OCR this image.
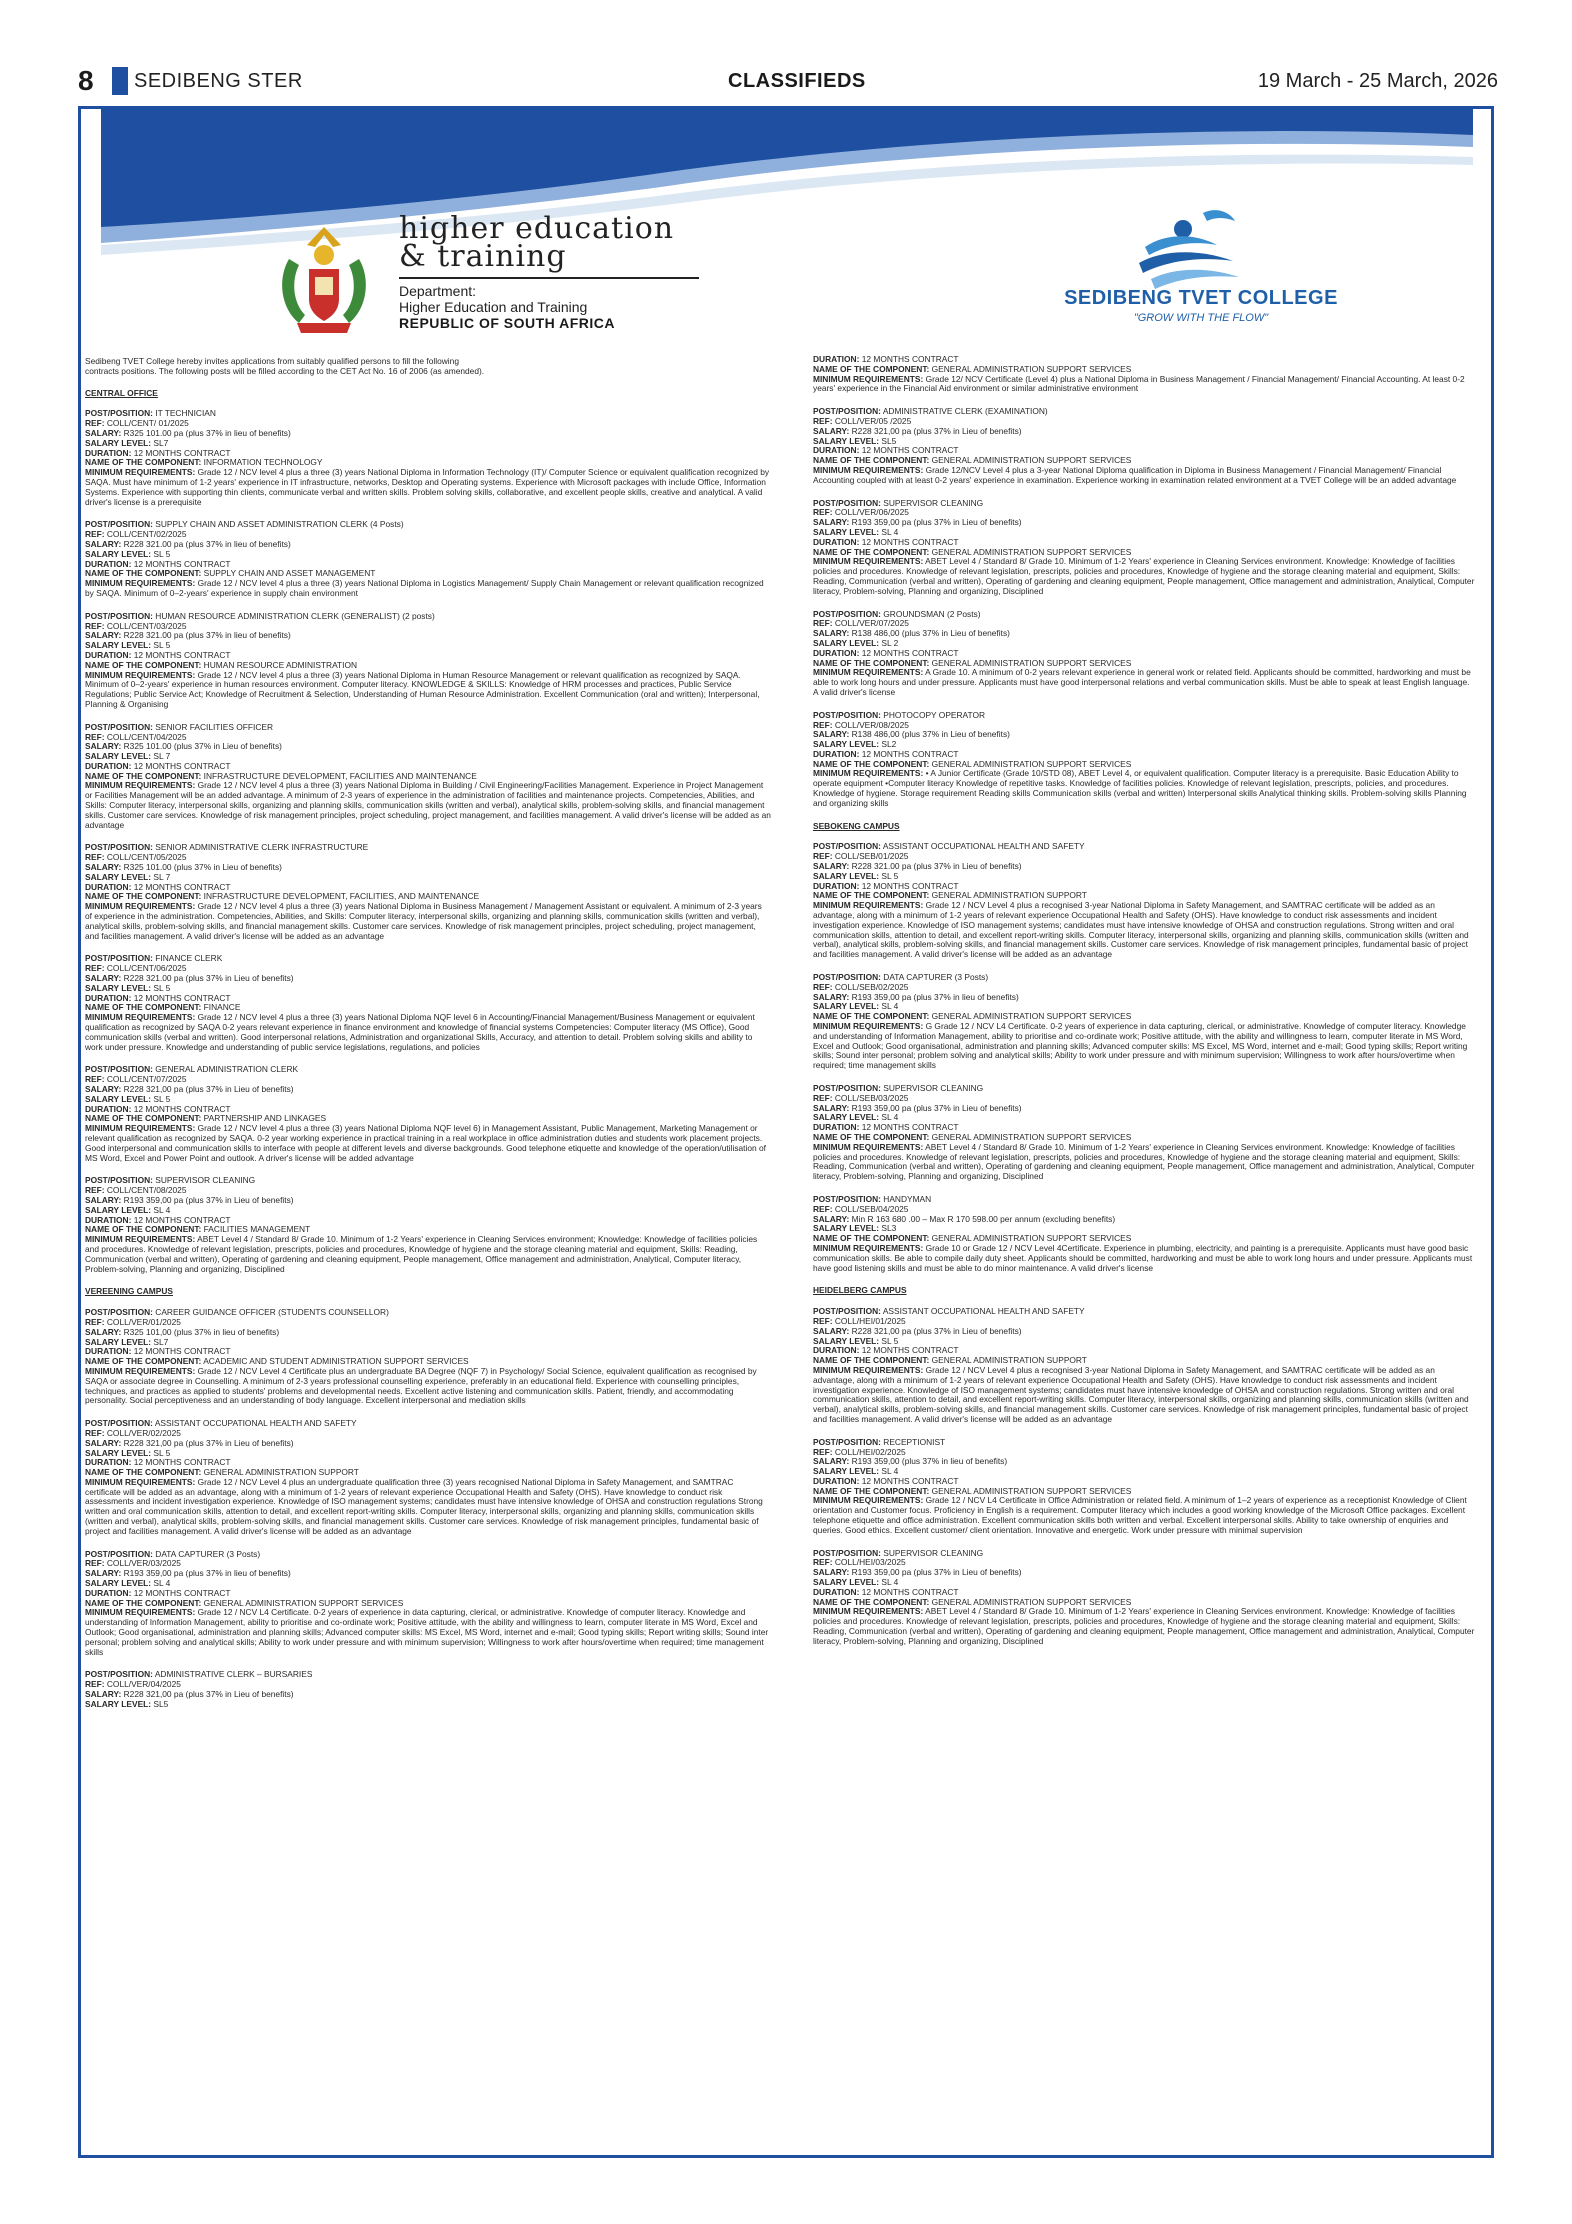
8	SEDIBENG STER	CLASSIFIEDS	19 March - 25 March, 2026
higher education
& training
Department:
Higher Education and Training
REPUBLIC OF SOUTH AFRICA
SEDIBENG TVET COLLEGE
"GROW WITH THE FLOW"

Sedibeng TVET College hereby invites applications from suitably qualified persons to fill the following

contracts positions. The following posts will be filled according to the CET Act No. 16 of 2006 (as amended).

CENTRAL OFFICE
POST/POSITION: IT TECHNICIAN
REF: COLL/CENT/ 01/2025
SALARY: R325 101.00 pa (plus 37% in lieu of benefits)
SALARY LEVEL: SL7
DURATION: 12 MONTHS CONTRACT
NAME OF THE COMPONENT: INFORMATION TECHNOLOGY
MINIMUM REQUIREMENTS: Grade 12 / NCV level 4 plus a three (3) years National Diploma in Information Technology (IT)/ Computer Science or equivalent qualification recognized by SAQA. Must have minimum of 1-2 years' experience in IT infrastructure, networks, Desktop and Operating systems. Experience with Microsoft packages with include Office, Information Systems. Experience with supporting thin clients, communicate verbal and written skills. Problem solving skills, collaborative, and excellent people skills, creative and analytical. A valid driver's license is a prerequisite
POST/POSITION: SUPPLY CHAIN AND ASSET ADMINISTRATION CLERK (4 Posts)
REF: COLL/CENT/02/2025
SALARY: R228 321.00 pa (plus 37% in lieu of benefits)
SALARY LEVEL: SL 5
DURATION: 12 MONTHS CONTRACT
NAME OF THE COMPONENT: SUPPLY CHAIN AND ASSET MANAGEMENT
MINIMUM REQUIREMENTS: Grade 12 / NCV level 4 plus a three (3) years National Diploma in Logistics Management/ Supply Chain Management or relevant qualification recognized by SAQA. Minimum of 0–2-years' experience in supply chain environment
POST/POSITION: HUMAN RESOURCE ADMINISTRATION CLERK (GENERALIST) (2 posts)
REF: COLL/CENT/03/2025
SALARY: R228 321.00 pa (plus 37% in lieu of benefits)
SALARY LEVEL: SL 5
DURATION: 12 MONTHS CONTRACT
NAME OF THE COMPONENT: HUMAN RESOURCE ADMINISTRATION
MINIMUM REQUIREMENTS: Grade 12 / NCV level 4 plus a three (3) years National Diploma in Human Resource Management or relevant qualification as recognized by SAQA. Minimum of 0–2-years' experience in human resources environment. Computer literacy. KNOWLEDGE & SKILLS: Knowledge of HRM processes and practices, Public Service Regulations; Public Service Act; Knowledge of Recruitment & Selection, Understanding of Human Resource Administration. Excellent Communication (oral and written); Interpersonal, Planning & Organising
POST/POSITION: SENIOR FACILITIES OFFICER
REF: COLL/CENT/04/2025
SALARY: R325 101.00 (plus 37% in Lieu of benefits)
SALARY LEVEL: SL 7
DURATION: 12 MONTHS CONTRACT
NAME OF THE COMPONENT: INFRASTRUCTURE DEVELOPMENT, FACILITIES AND MAINTENANCE
MINIMUM REQUIREMENTS: Grade 12 / NCV level 4 plus a three (3) years National Diploma in Building / Civil Engineering/Facilities Management. Experience in Project Management or Facilities Management will be an added advantage. A minimum of 2-3 years of experience in the administration of facilities and maintenance projects. Competencies, Abilities, and Skills: Computer literacy, interpersonal skills, organizing and planning skills, communication skills (written and verbal), analytical skills, problem-solving skills, and financial management skills. Customer care services. Knowledge of risk management principles, project scheduling, project management, and facilities management. A valid driver's license will be added as an advantage
POST/POSITION: SENIOR ADMINISTRATIVE CLERK INFRASTRUCTURE
REF: COLL/CENT/05/2025
SALARY: R325 101.00 (plus 37% in Lieu of benefits)
SALARY LEVEL: SL 7
DURATION: 12 MONTHS CONTRACT
NAME OF THE COMPONENT: INFRASTRUCTURE DEVELOPMENT, FACILITIES, AND MAINTENANCE
MINIMUM REQUIREMENTS: Grade 12 / NCV level 4 plus a three (3) years National Diploma in Business Management / Management Assistant or equivalent. A minimum of 2-3 years of experience in the administration. Competencies, Abilities, and Skills: Computer literacy, interpersonal skills, organizing and planning skills, communication skills (written and verbal), analytical skills, problem-solving skills, and financial management skills. Customer care services. Knowledge of risk management principles, project scheduling, project management, and facilities management. A valid driver's license will be added as an advantage
POST/POSITION: FINANCE CLERK
REF: COLL/CENT/06/2025
SALARY: R228 321.00 pa (plus 37% in Lieu of benefits)
SALARY LEVEL: SL 5
DURATION: 12 MONTHS CONTRACT
NAME OF THE COMPONENT: FINANCE
MINIMUM REQUIREMENTS: Grade 12 / NCV level 4 plus a three (3) years National Diploma NQF level 6 in Accounting/Financial Management/Business Management or equivalent qualification as recognized by SAQA 0-2 years relevant experience in finance environment and knowledge of financial systems Competencies: Computer literacy (MS Office), Good communication skills (verbal and written). Good interpersonal relations, Administration and organizational Skills, Accuracy, and attention to detail. Problem solving skills and ability to work under pressure. Knowledge and understanding of public service legislations, regulations, and policies
POST/POSITION: GENERAL ADMINISTRATION CLERK
REF: COLL/CENT/07/2025
SALARY: R228 321,00 pa (plus 37% in Lieu of benefits)
SALARY LEVEL: SL 5
DURATION: 12 MONTHS CONTRACT
NAME OF THE COMPONENT: PARTNERSHIP AND LINKAGES
MINIMUM REQUIREMENTS: Grade 12 / NCV level 4 plus a three (3) years National Diploma NQF level 6) in Management Assistant, Public Management, Marketing Management or relevant qualification as recognized by SAQA. 0-2 year working experience in practical training in a real workplace in office administration duties and students work placement projects. Good interpersonal and communication skills to interface with people at different levels and diverse backgrounds. Good telephone etiquette and knowledge of the operation/utilisation of MS Word, Excel and Power Point and outlook. A driver's license will be added advantage
POST/POSITION: SUPERVISOR CLEANING
REF: COLL/CENT/08/2025
SALARY: R193 359,00 pa (plus 37% in Lieu of benefits)
SALARY LEVEL: SL 4
DURATION: 12 MONTHS CONTRACT
NAME OF THE COMPONENT: FACILITIES MANAGEMENT
MINIMUM REQUIREMENTS: ABET Level 4 / Standard 8/ Grade 10. Minimum of 1-2 Years' experience in Cleaning Services environment; Knowledge: Knowledge of facilities policies and procedures. Knowledge of relevant legislation, prescripts, policies and procedures, Knowledge of hygiene and the storage cleaning material and equipment, Skills: Reading, Communication (verbal and written), Operating of gardening and cleaning equipment, People management, Office management and administration, Analytical, Computer literacy, Problem-solving, Planning and organizing, Disciplined
VEREENING CAMPUS
POST/POSITION: CAREER GUIDANCE OFFICER (STUDENTS COUNSELLOR)
REF: COLL/VER/01/2025
SALARY: R325 101,00 (plus 37% in lieu of benefits)
SALARY LEVEL: SL7
DURATION: 12 MONTHS CONTRACT
NAME OF THE COMPONENT: ACADEMIC AND STUDENT ADMINISTRATION SUPPORT SERVICES
MINIMUM REQUIREMENTS: Grade 12 / NCV Level 4 Certificate plus an undergraduate BA Degree (NQF 7) in Psychology/ Social Science, equivalent qualification as recognised by SAQA or associate degree in Counselling. A minimum of 2-3 years professional counselling experience, preferably in an educational field. Experience with counselling principles, techniques, and practices as applied to students' problems and developmental needs. Excellent active listening and communication skills. Patient, friendly, and accommodating personality. Social perceptiveness and an understanding of body language. Excellent interpersonal and mediation skills
POST/POSITION: ASSISTANT OCCUPATIONAL HEALTH AND SAFETY
REF: COLL/VER/02/2025
SALARY: R228 321,00 pa (plus 37% in Lieu of benefits)
SALARY LEVEL: SL 5
DURATION: 12 MONTHS CONTRACT
NAME OF THE COMPONENT: GENERAL ADMINISTRATION SUPPORT
MINIMUM REQUIREMENTS: Grade 12 / NCV Level 4 plus an undergraduate qualification three (3) years recognised National Diploma in Safety Management, and SAMTRAC certificate will be added as an advantage, along with a minimum of 1-2 years of relevant experience Occupational Health and Safety (OHS). Have knowledge to conduct risk assessments and incident investigation experience. Knowledge of ISO management systems; candidates must have intensive knowledge of OHSA and construction regulations Strong written and oral communication skills, attention to detail, and excellent report-writing skills. Computer literacy, interpersonal skills, organizing and planning skills, communication skills (written and verbal), analytical skills, problem-solving skills, and financial management skills. Customer care services. Knowledge of risk management principles, fundamental basic of project and facilities management. A valid driver's license will be added as an advantage
POST/POSITION: DATA CAPTURER (3 Posts)
REF: COLL/VER/03/2025
SALARY: R193 359,00 pa (plus 37% in lieu of benefits)
SALARY LEVEL: SL 4
DURATION: 12 MONTHS CONTRACT
NAME OF THE COMPONENT: GENERAL ADMINISTRATION SUPPORT SERVICES
MINIMUM REQUIREMENTS: Grade 12 / NCV L4 Certificate. 0-2 years of experience in data capturing, clerical, or administrative. Knowledge of computer literacy. Knowledge and understanding of Information Management, ability to prioritise and co-ordinate work; Positive attitude, with the ability and willingness to learn, computer literate in MS Word, Excel and Outlook; Good organisational, administration and planning skills; Advanced computer skills: MS Excel, MS Word, internet and e-mail; Good typing skills; Report writing skills; Sound inter personal; problem solving and analytical skills; Ability to work under pressure and with minimum supervision; Willingness to work after hours/overtime when required; time management skills
POST/POSITION: ADMINISTRATIVE CLERK – BURSARIES
REF: COLL/VER/04/2025
SALARY: R228 321,00 pa (plus 37% in Lieu of benefits)
SALARY LEVEL: SL5
DURATION: 12 MONTHS CONTRACT
NAME OF THE COMPONENT: GENERAL ADMINISTRATION SUPPORT SERVICES
MINIMUM REQUIREMENTS: Grade 12/ NCV Certificate (Level 4) plus a National Diploma in Business Management / Financial Management/ Financial Accounting. At least 0-2 years' experience in the Financial Aid environment or similar administrative environment
POST/POSITION: ADMINISTRATIVE CLERK (EXAMINATION)
REF: COLL/VER/05 /2025
SALARY: R228 321,00 pa (plus 37% in Lieu of benefits)
SALARY LEVEL: SL5
DURATION: 12 MONTHS CONTRACT
NAME OF THE COMPONENT: GENERAL ADMINISTRATION SUPPORT SERVICES
MINIMUM REQUIREMENTS: Grade 12/NCV Level 4 plus a 3-year National Diploma qualification in Diploma in Business Management / Financial Management/ Financial Accounting coupled with at least 0-2 years' experience in examination. Experience working in examination related environment at a TVET College will be an added advantage
POST/POSITION: SUPERVISOR CLEANING
REF: COLL/VER/06/2025
SALARY: R193 359,00 pa (plus 37% in Lieu of benefits)
SALARY LEVEL: SL 4
DURATION: 12 MONTHS CONTRACT
NAME OF THE COMPONENT: GENERAL ADMINISTRATION SUPPORT SERVICES
MINIMUM REQUIREMENTS: ABET Level 4 / Standard 8/ Grade 10. Minimum of 1-2 Years' experience in Cleaning Services environment. Knowledge: Knowledge of facilities policies and procedures. Knowledge of relevant legislation, prescripts, policies and procedures, Knowledge of hygiene and the storage cleaning material and equipment, Skills: Reading, Communication (verbal and written), Operating of gardening and cleaning equipment, People management, Office management and administration, Analytical, Computer literacy, Problem-solving, Planning and organizing, Disciplined
POST/POSITION: GROUNDSMAN (2 Posts)
REF: COLL/VER/07/2025
SALARY: R138 486,00 (plus 37% in Lieu of benefits)
SALARY LEVEL: SL 2
DURATION: 12 MONTHS CONTRACT
NAME OF THE COMPONENT: GENERAL ADMINISTRATION SUPPORT SERVICES
MINIMUM REQUIREMENTS: A Grade 10. A minimum of 0-2 years relevant experience in general work or related field. Applicants should be committed, hardworking and must be able to work long hours and under pressure. Applicants must have good interpersonal relations and verbal communication skills. Must be able to speak at least English language. A valid driver's license
POST/POSITION: PHOTOCOPY OPERATOR
REF: COLL/VER/08/2025
SALARY: R138 486,00 (plus 37% in Lieu of benefits)
SALARY LEVEL: SL2
DURATION: 12 MONTHS CONTRACT
NAME OF THE COMPONENT: GENERAL ADMINISTRATION SUPPORT SERVICES
MINIMUM REQUIREMENTS: • A Junior Certificate (Grade 10/STD 08), ABET Level 4, or equivalent qualification. Computer literacy is a prerequisite. Basic Education Ability to operate equipment •Computer literacy Knowledge of repetitive tasks. Knowledge of facilities policies. Knowledge of relevant legislation, prescripts, policies, and procedures. Knowledge of hygiene. Storage requirement Reading skills Communication skills (verbal and written) Interpersonal skills Analytical thinking skills. Problem-solving skills Planning and organizing skills
SEBOKENG CAMPUS
POST/POSITION: ASSISTANT OCCUPATIONAL HEALTH AND SAFETY
REF: COLL/SEB/01/2025
SALARY: R228 321.00 pa (plus 37% in Lieu of benefits)
SALARY LEVEL: SL 5
DURATION: 12 MONTHS CONTRACT
NAME OF THE COMPONENT: GENERAL ADMINISTRATION SUPPORT
MINIMUM REQUIREMENTS: Grade 12 / NCV Level 4 plus a recognised 3-year National Diploma in Safety Management, and SAMTRAC certificate will be added as an advantage, along with a minimum of 1-2 years of relevant experience Occupational Health and Safety (OHS). Have knowledge to conduct risk assessments and incident investigation experience. Knowledge of ISO management systems; candidates must have intensive knowledge of OHSA and construction regulations. Strong written and oral communication skills, attention to detail, and excellent report-writing skills. Computer literacy, interpersonal skills, organizing and planning skills, communication skills (written and verbal), analytical skills, problem-solving skills, and financial management skills. Customer care services. Knowledge of risk management principles, fundamental basic of project and facilities management. A valid driver's license will be added as an advantage
POST/POSITION: DATA CAPTURER (3 Posts)
REF: COLL/SEB/02/2025
SALARY: R193 359,00 pa (plus 37% in lieu of benefits)
SALARY LEVEL: SL 4
NAME OF THE COMPONENT: GENERAL ADMINISTRATION SUPPORT SERVICES
MINIMUM REQUIREMENTS: G Grade 12 / NCV L4 Certificate. 0-2 years of experience in data capturing, clerical, or administrative. Knowledge of computer literacy. Knowledge and understanding of Information Management, ability to prioritise and co-ordinate work; Positive attitude, with the ability and willingness to learn, computer literate in MS Word, Excel and Outlook; Good organisational, administration and planning skills; Advanced computer skills: MS Excel, MS Word, internet and e-mail; Good typing skills; Report writing skills; Sound inter personal; problem solving and analytical skills; Ability to work under pressure and with minimum supervision; Willingness to work after hours/overtime when required; time management skills
POST/POSITION: SUPERVISOR CLEANING
REF: COLL/SEB/03/2025
SALARY: R193 359,00 pa (plus 37% in Lieu of benefits)
SALARY LEVEL: SL 4
DURATION: 12 MONTHS CONTRACT
NAME OF THE COMPONENT: GENERAL ADMINISTRATION SUPPORT SERVICES
MINIMUM REQUIREMENTS: ABET Level 4 / Standard 8/ Grade 10. Minimum of 1-2 Years' experience in Cleaning Services environment. Knowledge: Knowledge of facilities policies and procedures. Knowledge of relevant legislation, prescripts, policies and procedures, Knowledge of hygiene and the storage cleaning material and equipment, Skills: Reading, Communication (verbal and written), Operating of gardening and cleaning equipment, People management, Office management and administration, Analytical, Computer literacy, Problem-solving, Planning and organizing, Disciplined
POST/POSITION: HANDYMAN
REF: COLL/SEB/04/2025
SALARY: Min R 163 680 .00 – Max R 170 598.00 per annum (excluding benefits)
SALARY LEVEL: SL3
NAME OF THE COMPONENT: GENERAL ADMINISTRATION SUPPORT SERVICES
MINIMUM REQUIREMENTS: Grade 10 or Grade 12 / NCV Level 4Certificate. Experience in plumbing, electricity, and painting is a prerequisite. Applicants must have good basic communication skills. Be able to compile daily duty sheet. Applicants should be committed, hardworking and must be able to work long hours and under pressure. Applicants must have good listening skills and must be able to do minor maintenance. A valid driver's license
HEIDELBERG CAMPUS
POST/POSITION: ASSISTANT OCCUPATIONAL HEALTH AND SAFETY
REF: COLL/HEI/01/2025
SALARY: R228 321,00 pa (plus 37% in Lieu of benefits)
SALARY LEVEL: SL 5
DURATION: 12 MONTHS CONTRACT
NAME OF THE COMPONENT: GENERAL ADMINISTRATION SUPPORT
MINIMUM REQUIREMENTS: Grade 12 / NCV Level 4 plus a recognised 3-year National Diploma in Safety Management, and SAMTRAC certificate will be added as an advantage, along with a minimum of 1-2 years of relevant experience Occupational Health and Safety (OHS). Have knowledge to conduct risk assessments and incident investigation experience. Knowledge of ISO management systems; candidates must have intensive knowledge of OHSA and construction regulations. Strong written and oral communication skills, attention to detail, and excellent report-writing skills. Computer literacy, interpersonal skills, organizing and planning skills, communication skills (written and verbal), analytical skills, problem-solving skills, and financial management skills. Customer care services. Knowledge of risk management principles, fundamental basic of project and facilities management. A valid driver's license will be added as an advantage
POST/POSITION: RECEPTIONIST
REF: COLL/HEI/02/2025
SALARY: R193 359,00 (plus 37% in lieu of benefits)
SALARY LEVEL: SL 4
DURATION: 12 MONTHS CONTRACT
NAME OF THE COMPONENT: GENERAL ADMINISTRATION SUPPORT SERVICES
MINIMUM REQUIREMENTS: Grade 12 / NCV L4 Certificate in Office Administration or related field. A minimum of 1–2 years of experience as a receptionist Knowledge of Client orientation and Customer focus. Proficiency in English is a requirement. Computer literacy which includes a good working knowledge of the Microsoft Office packages. Excellent telephone etiquette and office administration. Excellent communication skills both written and verbal. Excellent interpersonal skills. Ability to take ownership of enquiries and queries. Good ethics. Excellent customer/ client orientation. Innovative and energetic. Work under pressure with minimal supervision
POST/POSITION: SUPERVISOR CLEANING
REF: COLL/HEI/03/2025
SALARY: R193 359,00 pa (plus 37% in Lieu of benefits)
SALARY LEVEL: SL 4
DURATION: 12 MONTHS CONTRACT
NAME OF THE COMPONENT: GENERAL ADMINISTRATION SUPPORT SERVICES
MINIMUM REQUIREMENTS: ABET Level 4 / Standard 8/ Grade 10. Minimum of 1-2 Years' experience in Cleaning Services environment. Knowledge: Knowledge of facilities policies and procedures. Knowledge of relevant legislation, prescripts, policies and procedures, Knowledge of hygiene and the storage cleaning material and equipment, Skills: Reading, Communication (verbal and written), Operating of gardening and cleaning equipment, People management, Office management and administration, Analytical, Computer literacy, Problem-solving, Planning and organizing, Disciplined
